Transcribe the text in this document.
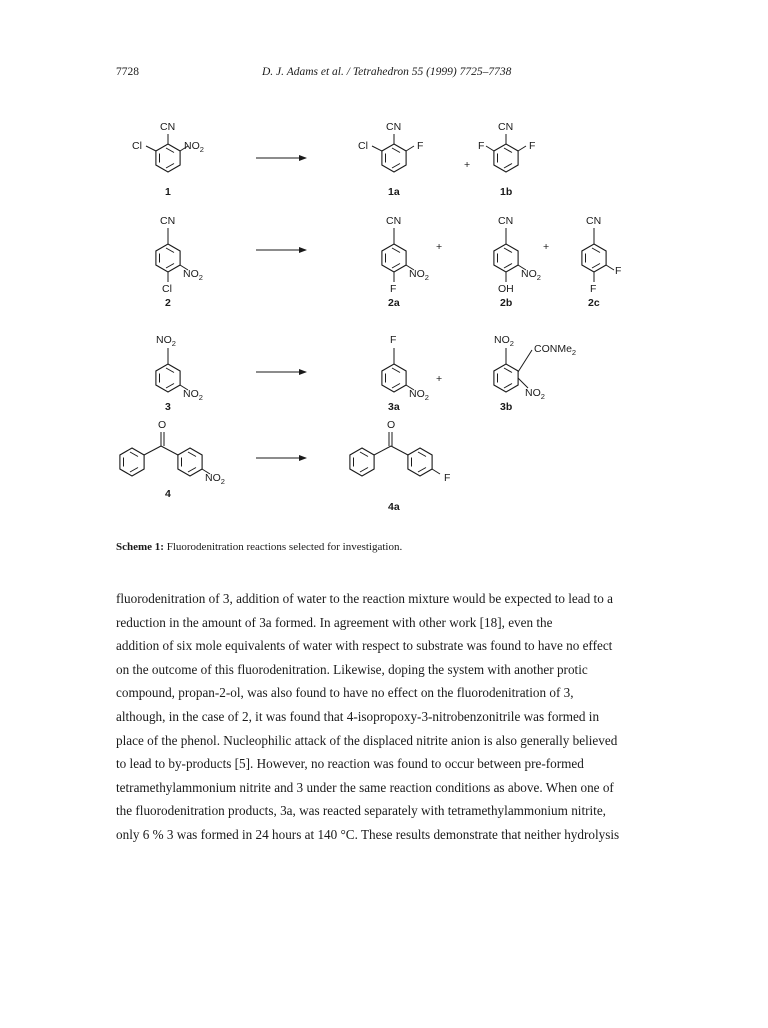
7728	D. J. Adams et al. / Tetrahedron 55 (1999) 7725–7738
CN
Cl	$NO_2$
1
CN
Cl	F
1a
+
CN
F	F
1b
CN
$NO_2$
Cl
2
CN
$NO_2$
F
2a
+
CN
$NO_2$
OH
2b
+
CN
F
F
2c
$NO_2$
$NO_2$
3
F
$NO_2$
3a
+
$NO_2$ CONMe$_2$
$NO_2$
3b
O
$NO_2$
4
O
F
4a
Scheme 1: Fluorodenitration reactions selected for investigation.

fluorodenitration of 3, addition of water to the reaction mixture would be expected to lead to a

reduction in the amount of 3a formed. In agreement with other work [18], even the

addition of six mole equivalents of water with respect to substrate was found to have no effect

on the outcome of this fluorodenitration. Likewise, doping the system with another protic

compound, propan-2-ol, was also found to have no effect on the fluorodenitration of 3,

although, in the case of 2, it was found that 4-isopropoxy-3-nitrobenzonitrile was formed in

place of the phenol. Nucleophilic attack of the displaced nitrite anion is also generally believed

to lead to by-products [5]. However, no reaction was found to occur between pre-formed

tetramethylammonium nitrite and 3 under the same reaction conditions as above. When one of

the fluorodenitration products, 3a, was reacted separately with tetramethylammonium nitrite,

only 6 % 3 was formed in 24 hours at 140 °C. These results demonstrate that neither hydrolysis
